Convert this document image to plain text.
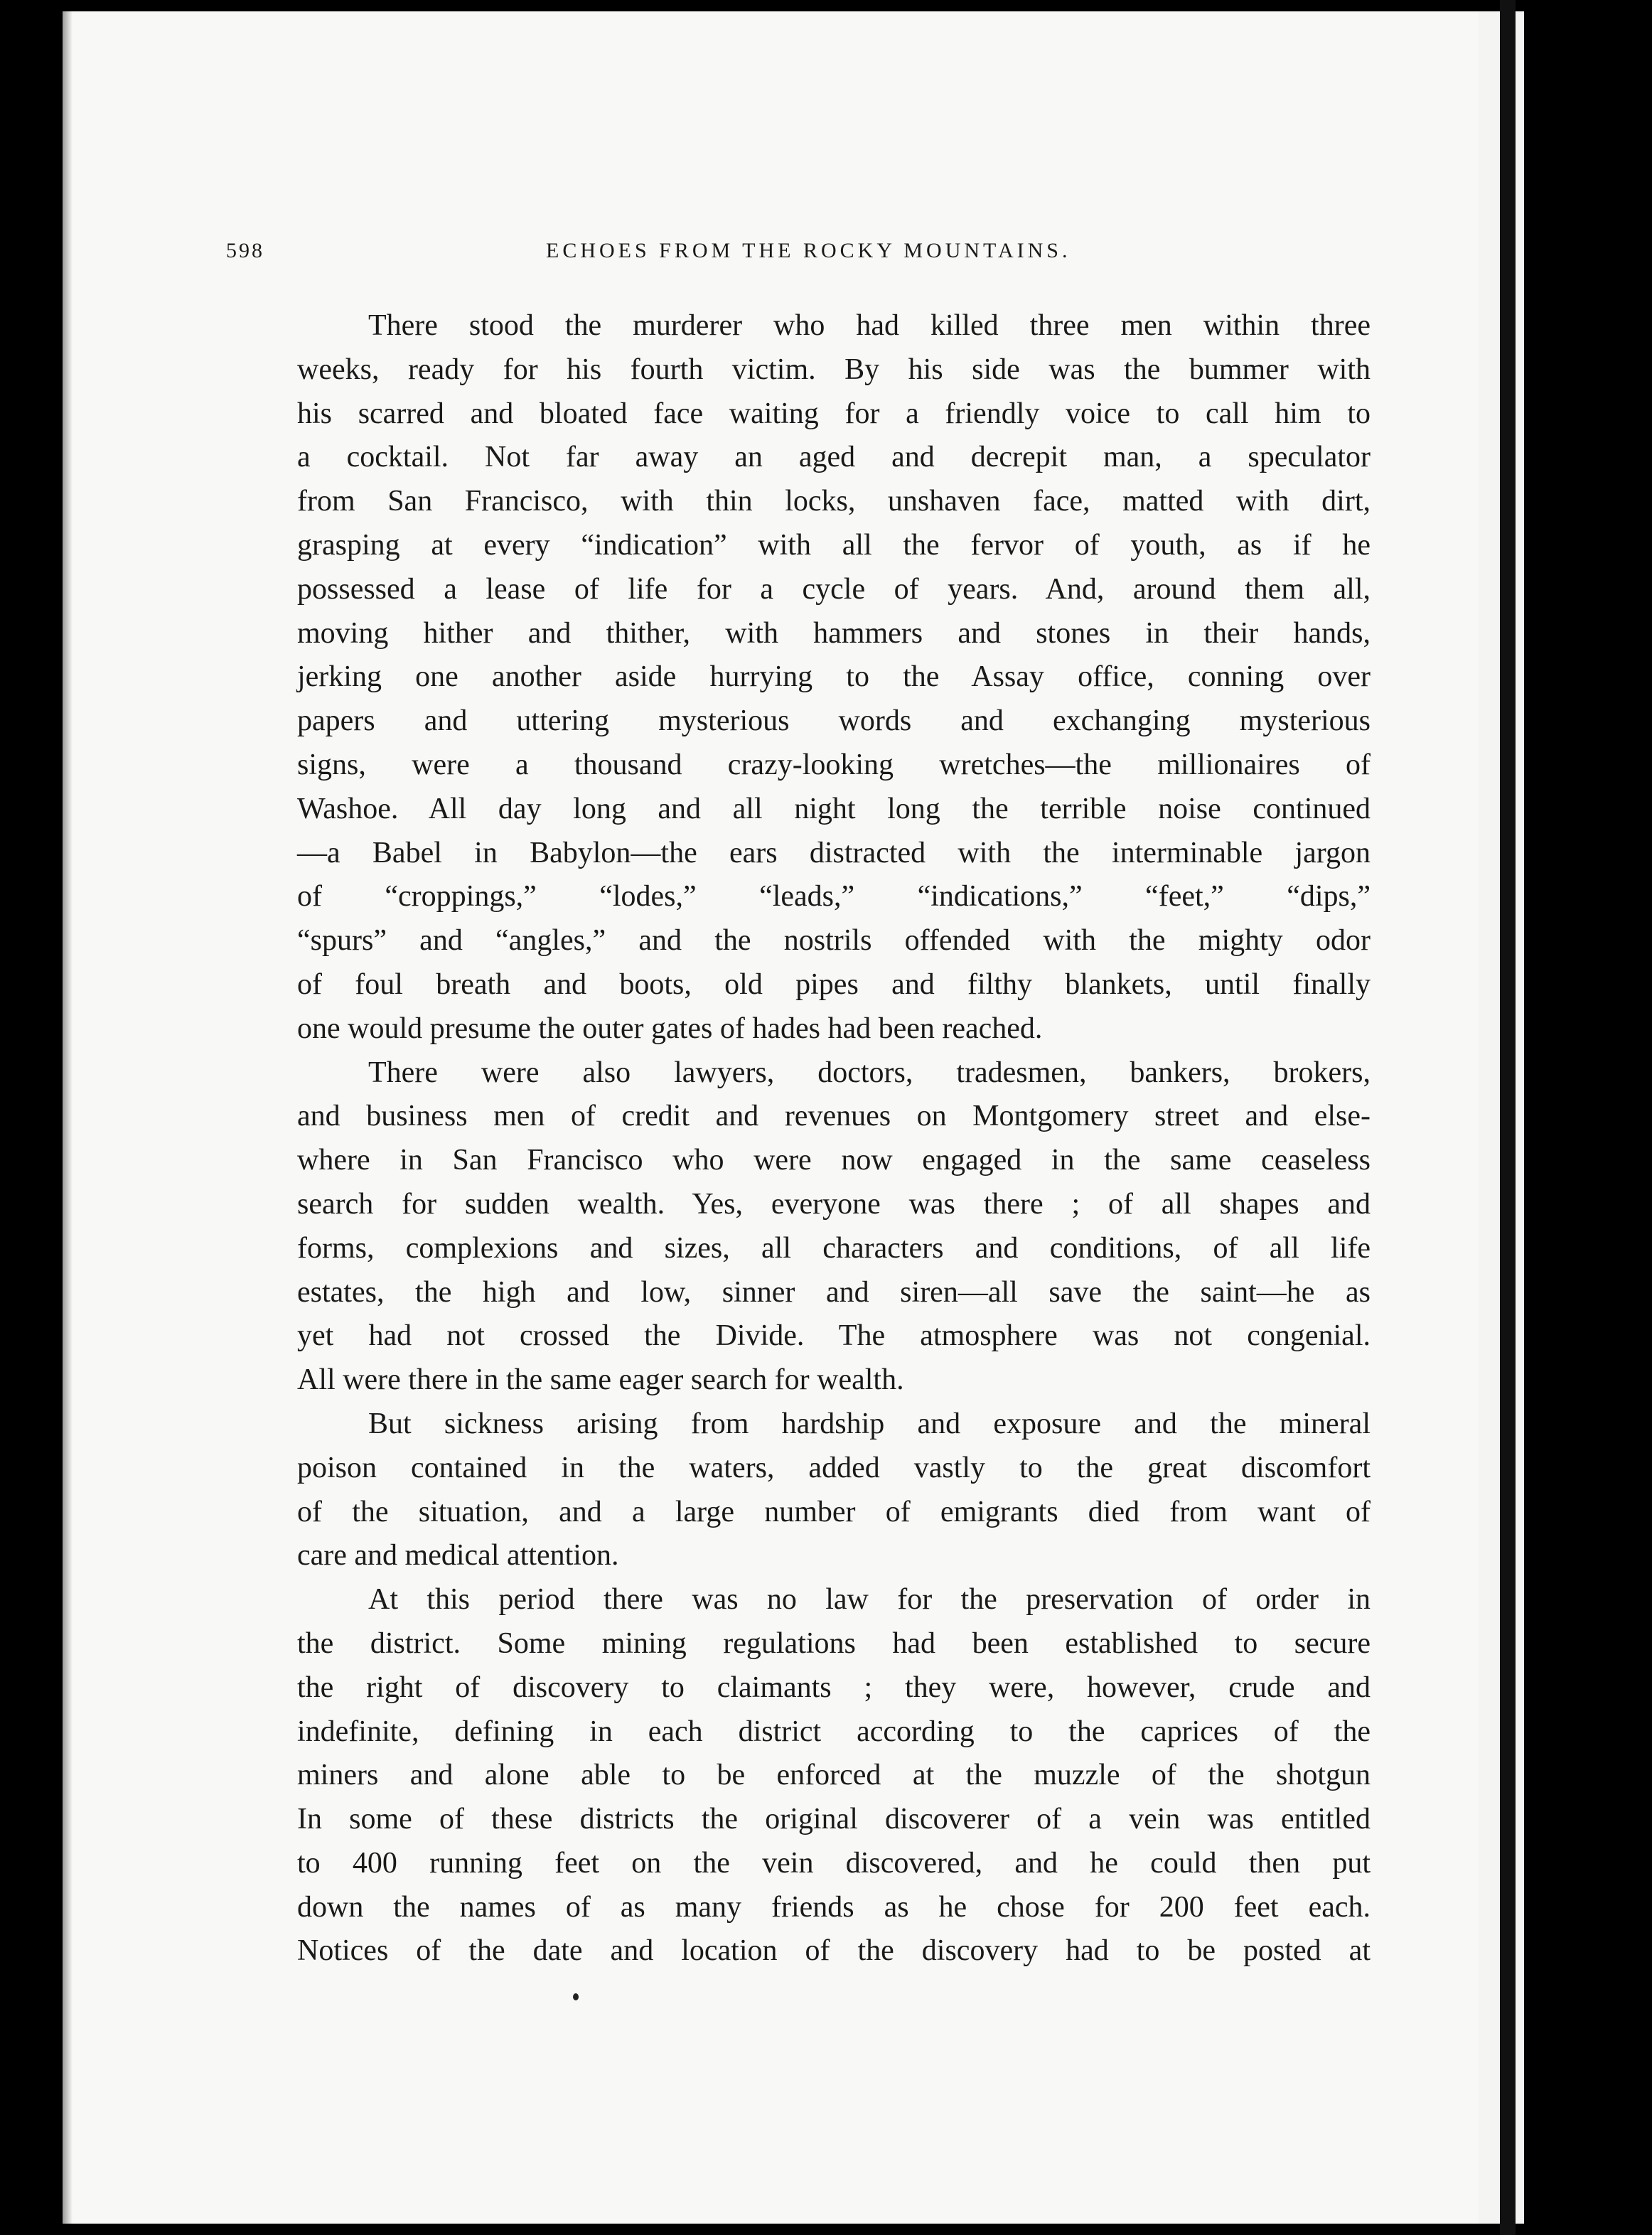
598	ECHOES FROM THE ROCKY MOUNTAINS.

There stood the murderer who had killed three men within three
weeks, ready for his fourth victim. By his side was the bummer with
his scarred and bloated face waiting for a friendly voice to call him to
a cocktail. Not far away an aged and decrepit man, a speculator
from San Francisco, with thin locks, unshaven face, matted with dirt,
grasping at every “indication” with all the fervor of youth, as if he
possessed a lease of life for a cycle of years. And, around them all,
moving hither and thither, with hammers and stones in their hands,
jerking one another aside hurrying to the Assay office, conning over
papers and uttering mysterious words and exchanging mysterious
signs, were a thousand crazy-looking wretches—the millionaires of
Washoe. All day long and all night long the terrible noise continued
—a Babel in Babylon—the ears distracted with the interminable jargon
of “croppings,” “lodes,” “leads,” “indications,” “feet,” “dips,”
“spurs” and “angles,” and the nostrils offended with the mighty odor
of foul breath and boots, old pipes and filthy blankets, until finally
one would presume the outer gates of hades had been reached.

There were also lawyers, doctors, tradesmen, bankers, brokers,
and business men of credit and revenues on Montgomery street and else-
where in San Francisco who were now engaged in the same ceaseless
search for sudden wealth. Yes, everyone was there ; of all shapes and
forms, complexions and sizes, all characters and conditions, of all life
estates, the high and low, sinner and siren—all save the saint—he as
yet had not crossed the Divide. The atmosphere was not congenial.
All were there in the same eager search for wealth.

But sickness arising from hardship and exposure and the mineral
poison contained in the waters, added vastly to the great discomfort
of the situation, and a large number of emigrants died from want of
care and medical attention.

At this period there was no law for the preservation of order in
the district. Some mining regulations had been established to secure
the right of discovery to claimants ; they were, however, crude and
indefinite, defining in each district according to the caprices of the
miners and alone able to be enforced at the muzzle of the shotgun
In some of these districts the original discoverer of a vein was entitled
to 400 running feet on the vein discovered, and he could then put
down the names of as many friends as he chose for 200 feet each.
Notices of the date and location of the discovery had to be posted at
